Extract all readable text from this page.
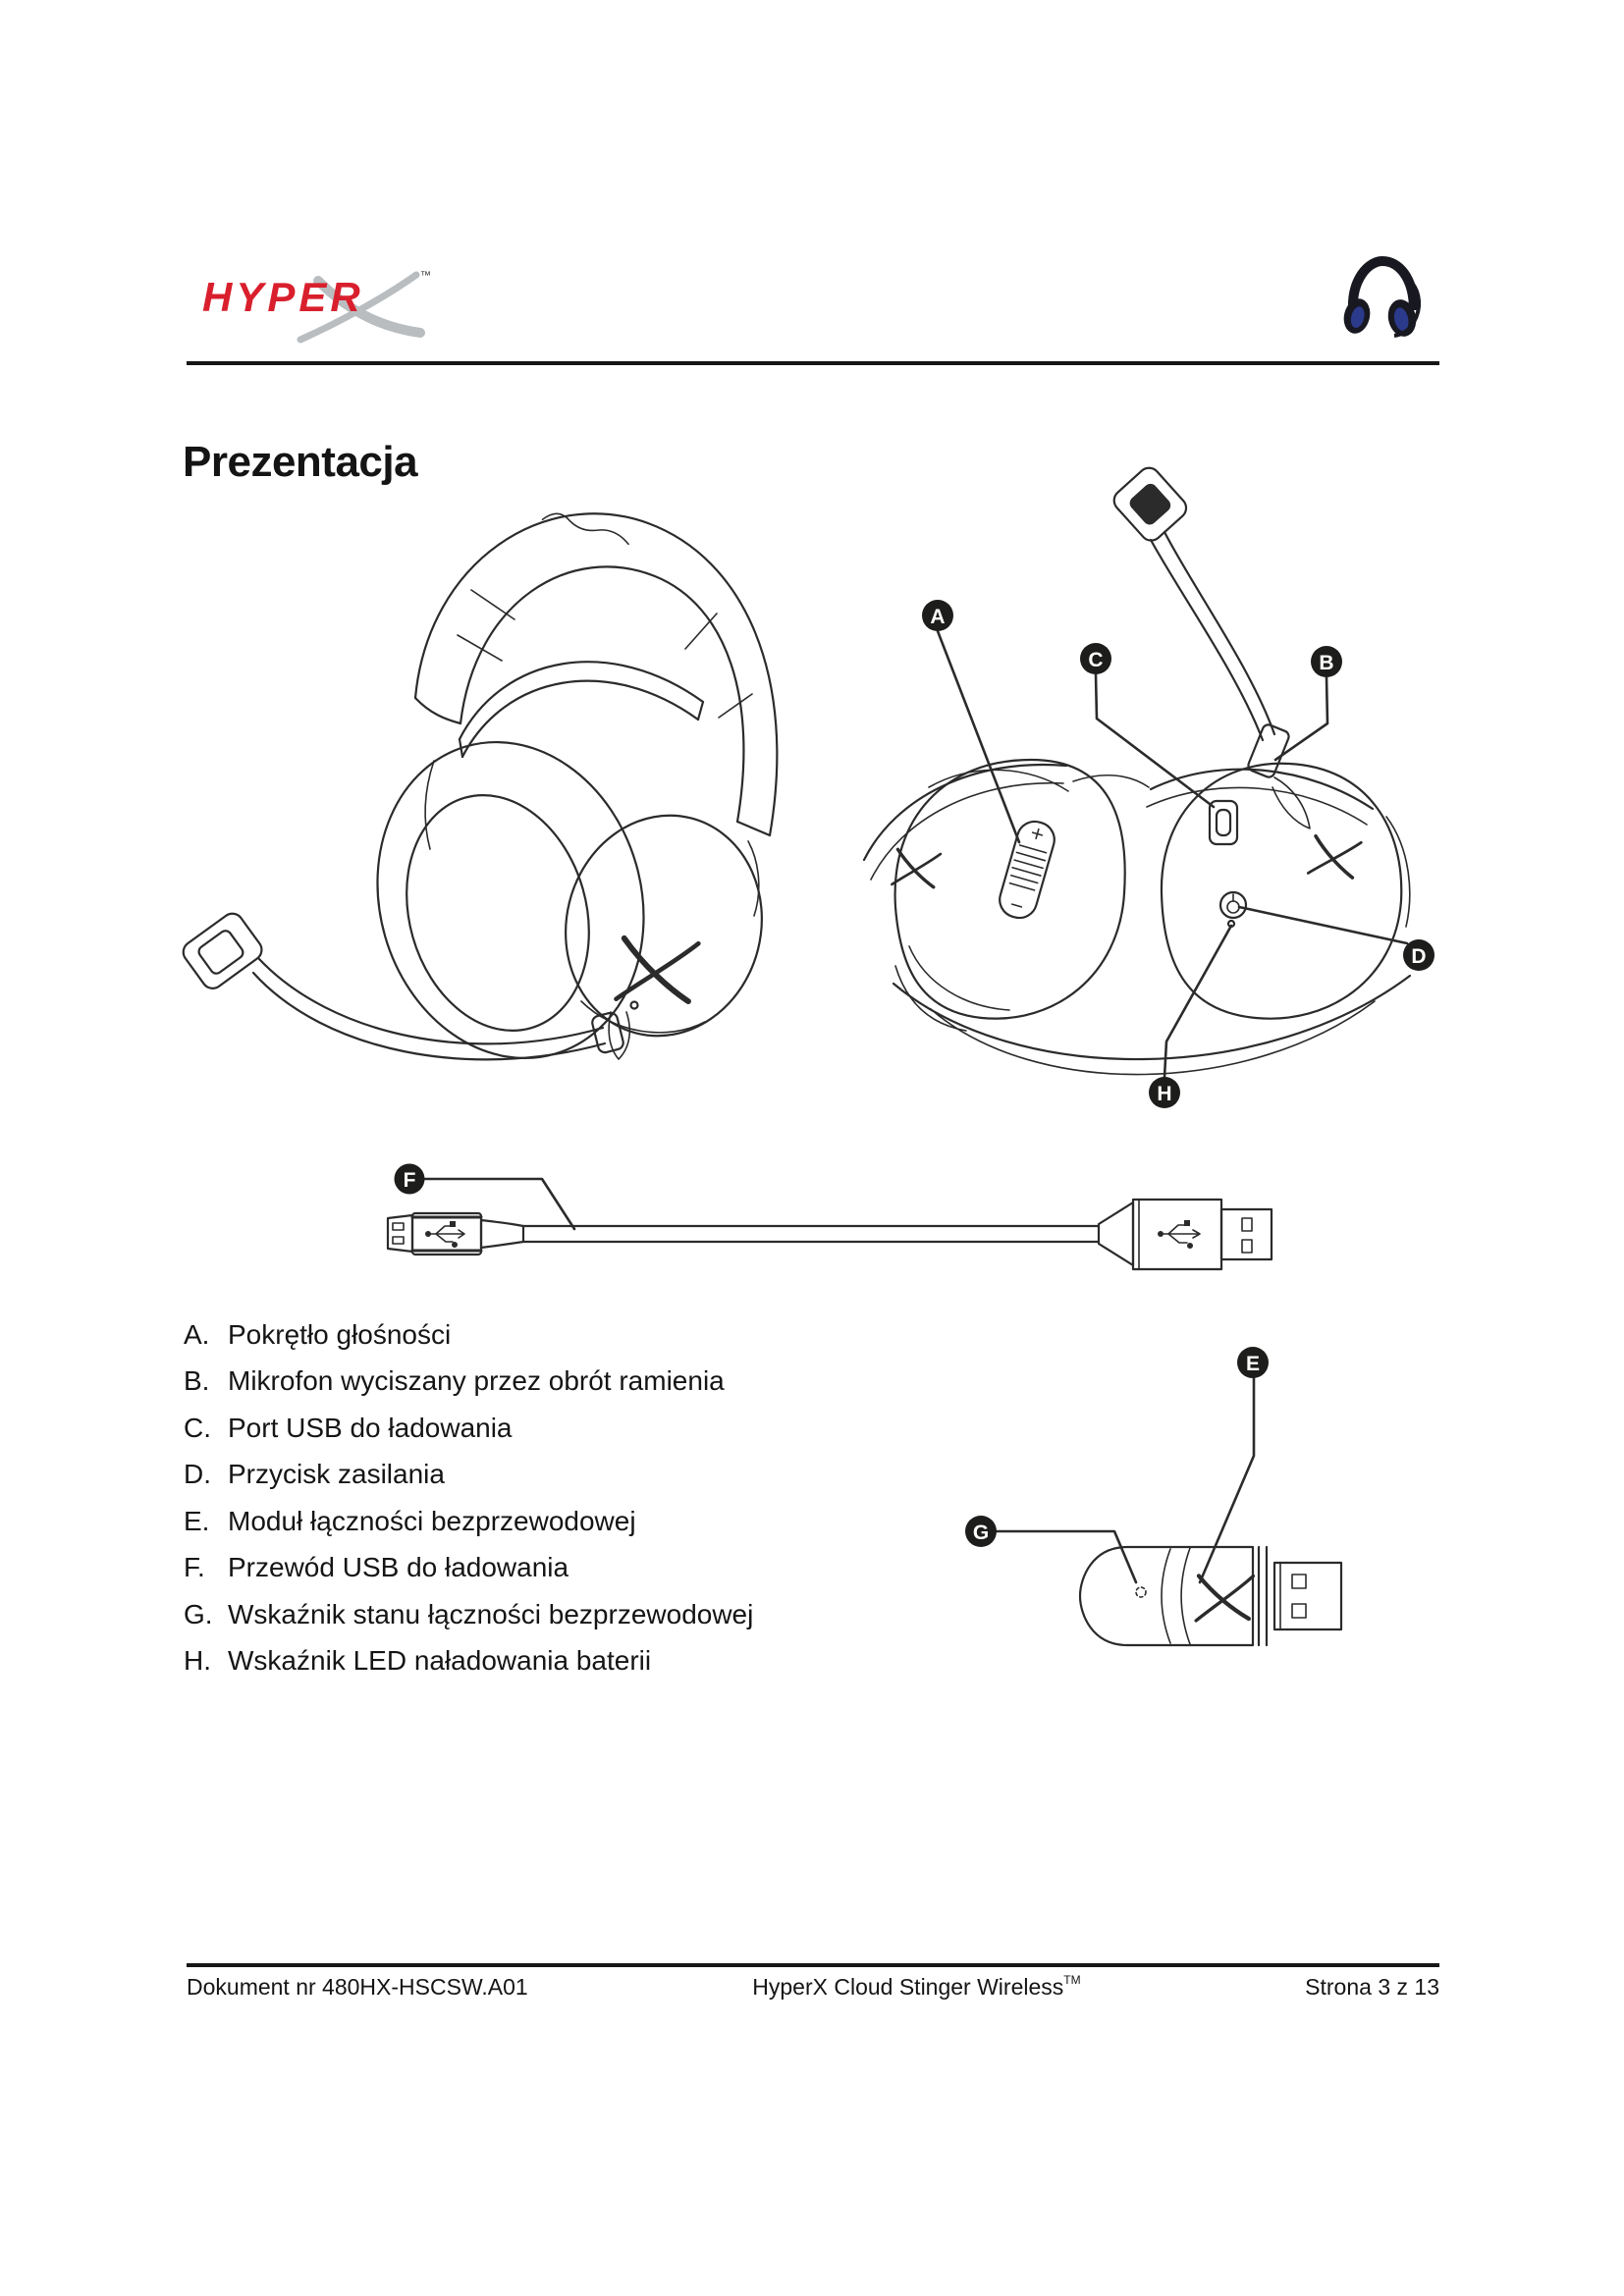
HYPER	™
Prezentacja
A
C	B
D
H
F
A. Pokrętło głośności
B. Mikrofon wyciszany przez obrót ramienia
C. Port USB do ładowania
D. Przycisk zasilania
E. Moduł łączności bezprzewodowej
F. Przewód USB do ładowania
G. Wskaźnik stanu łączności bezprzewodowej
H. Wskaźnik LED naładowania baterii
E
G
Dokument nr 480HX-HSCSW.A01	HyperX Cloud Stinger Wireless™	Strona 3 z 13
